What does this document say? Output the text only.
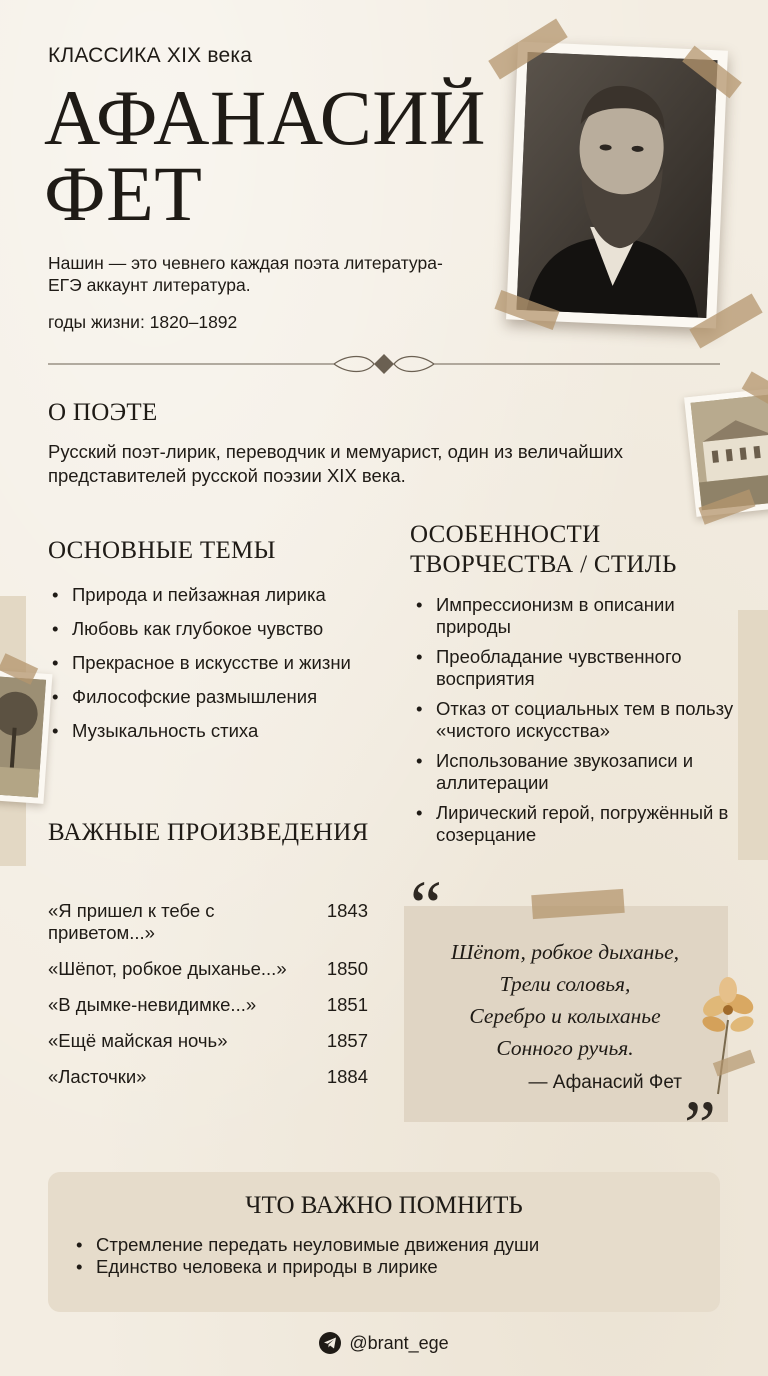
КЛАССИКА XIX века
АФАНАСИЙ
ФЕТ
Нашин — это чевнего каждая поэта литература-ЕГЭ аккаунт литература.
годы жизни: 1820–1892
О ПОЭТЕ
Русский поэт-лирик, переводчик и мемуарист, один из величайших представителей русской поэзии XIX века.
ОСНОВНЫЕ ТЕМЫ
• Природа и пейзажная лирика
• Любовь как глубокое чувство
• Прекрасное в искусстве и жизни
• Философские размышления
• Музыкальность стиха
ОСОБЕННОСТИ ТВОРЧЕСТВА / СТИЛЬ
• Импрессионизм в описании природы
• Преобладание чувственного восприятия
• Отказ от социальных тем в пользу «чистого искусства»
• Использование звукозаписи и аллитерации
• Лирический герой, погружённый в созерцание
ВАЖНЫЕ ПРОИЗВЕДЕНИЯ
«Я пришел к тебе с приветом...»
1843
«Шёпот, робкое дыханье...»	1850
«В дымке-невидимке...»	1851
«Ещё майская ночь»	1857
«Ласточки»	1884
“
Шёпот, робкое дыханье,
Трели соловья,
Серебро и колыханье
Сонного ручья.
— Афанасий Фет
”
ЧТО ВАЖНО ПОМНИТЬ
• Стремление передать неуловимые движения души
• Единство человека и природы в лирике
@brant_ege
